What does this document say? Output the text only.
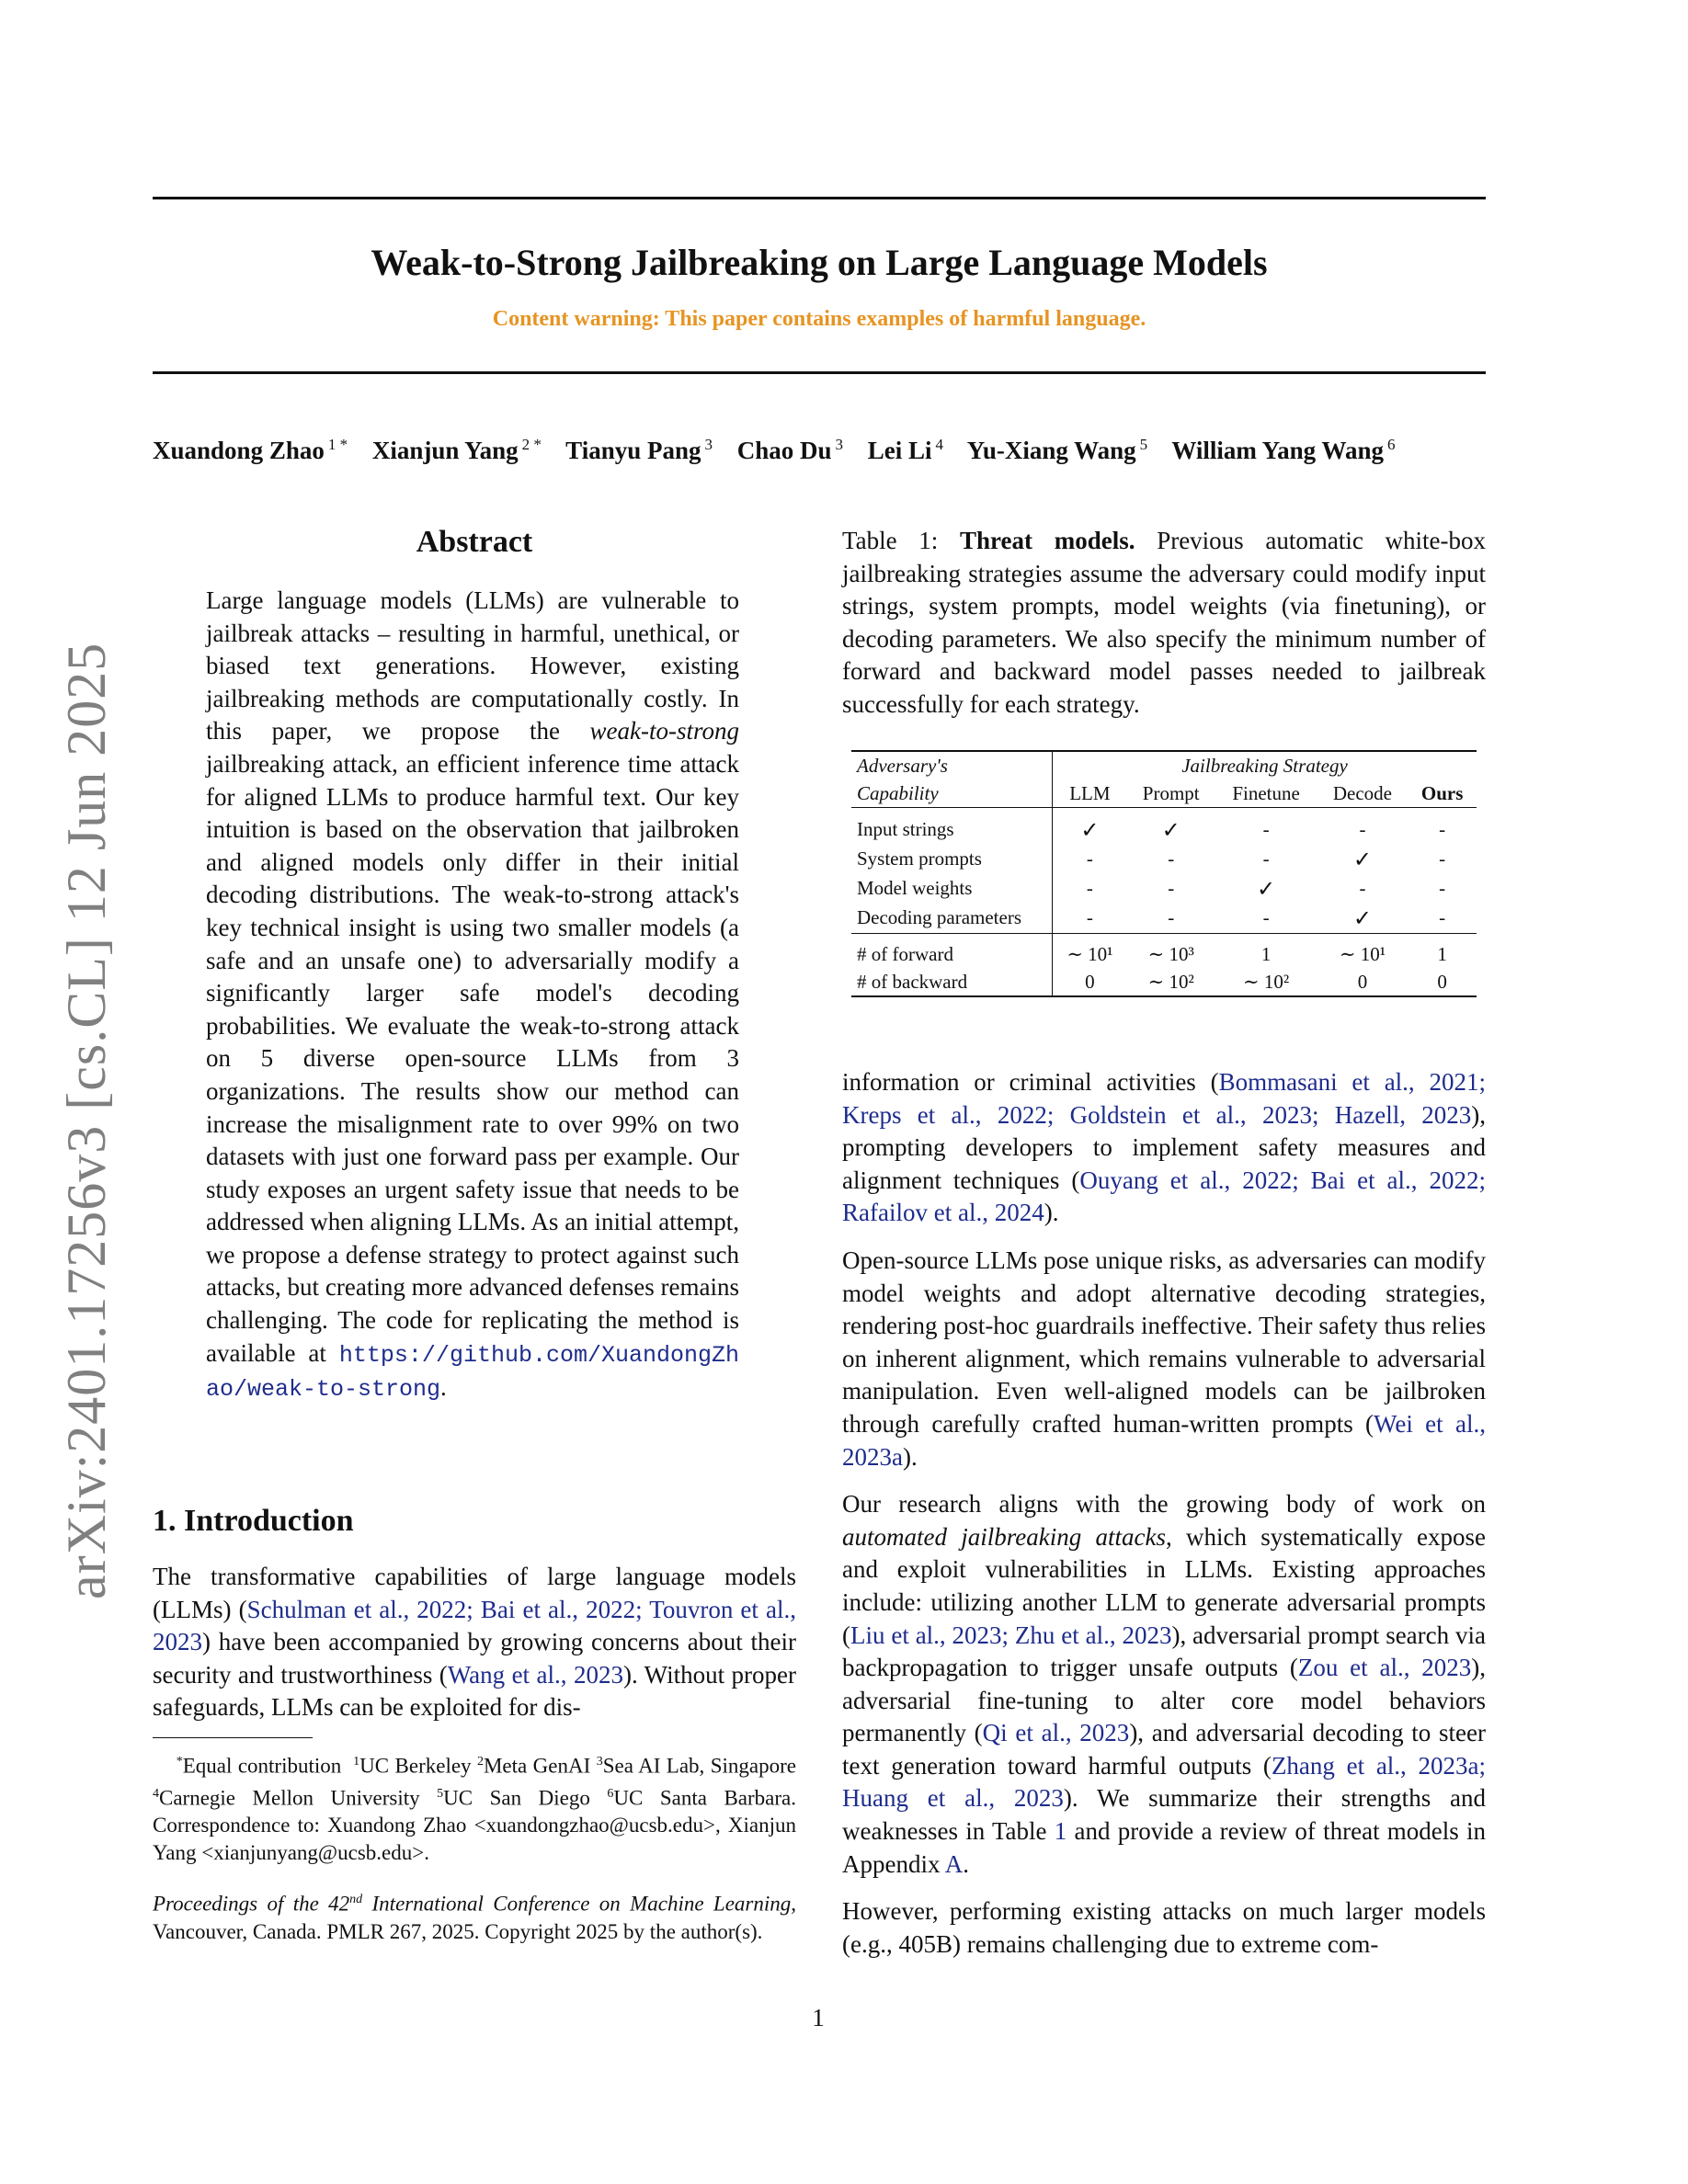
arXiv:2401.17256v3 [cs.CL] 12 Jun 2025
Weak-to-Strong Jailbreaking on Large Language Models
Content warning: This paper contains examples of harmful language.
Xuandong Zhao $^{1 *}$ Xianjun Yang $^{2 *}$ Tianyu Pang $^3$ Chao Du $^3$ Lei Li $^4$ Yu-Xiang Wang $^5$ William Yang Wang $^6$
Abstract
Large language models (LLMs) are vulnerable to jailbreak attacks – resulting in harmful, unethical, or biased text generations. However, existing jailbreaking methods are computationally costly. In this paper, we propose the weak-to-strong jailbreaking attack, an efficient inference time attack for aligned LLMs to produce harmful text. Our key intuition is based on the observation that jailbroken and aligned models only differ in their initial decoding distributions. The weak-to-strong attack's key technical insight is using two smaller models (a safe and an unsafe one) to adversarially modify a significantly larger safe model's decoding probabilities. We evaluate the weak-to-strong attack on 5 diverse open-source LLMs from 3 organizations. The results show our method can increase the misalignment rate to over 99% on two datasets with just one forward pass per example. Our study exposes an urgent safety issue that needs to be addressed when aligning LLMs. As an initial attempt, we propose a defense strategy to protect against such attacks, but creating more advanced defenses remains challenging. The code for replicating the method is available at https://github.com/XuandongZhao/weak-to-strong.
1. Introduction
The transformative capabilities of large language models (LLMs) (Schulman et al., 2022; Bai et al., 2022; Touvron et al., 2023) have been accompanied by growing concerns about their security and trustworthiness (Wang et al., 2023). Without proper safeguards, LLMs can be exploited for dis-
*Equal contribution $^1$UC Berkeley $^2$Meta GenAI $^3$Sea AI Lab, Singapore $^4$Carnegie Mellon University $^5$UC San Diego $^6$UC Santa Barbara. Correspondence to: Xuandong Zhao <xuandongzhao@ucsb.edu>, Xianjun Yang <xianjunyang@ucsb.edu>.
Proceedings of the 42nd International Conference on Machine Learning, Vancouver, Canada. PMLR 267, 2025. Copyright 2025 by the author(s).
Table 1: Threat models. Previous automatic white-box jailbreaking strategies assume the adversary could modify input strings, system prompts, model weights (via finetuning), or decoding parameters. We also specify the minimum number of forward and backward model passes needed to jailbreak successfully for each strategy.
Adversary's	Jailbreaking Strategy				
Capability	LLM	Prompt	Finetune	Decode	Ours

Input strings	✓	✓	-	-	-
System prompts	-	-	-	✓	-
Model weights	-	-	✓	-	-
Decoding parameters	-	-	-	✓	-

# of forward	∼ 10¹	∼ 10³	1	∼ 10¹	1
# of backward	0	∼ 10²	∼ 10²	0	0
information or criminal activities (Bommasani et al., 2021; Kreps et al., 2022; Goldstein et al., 2023; Hazell, 2023), prompting developers to implement safety measures and alignment techniques (Ouyang et al., 2022; Bai et al., 2022; Rafailov et al., 2024).
Open-source LLMs pose unique risks, as adversaries can modify model weights and adopt alternative decoding strategies, rendering post-hoc guardrails ineffective. Their safety thus relies on inherent alignment, which remains vulnerable to adversarial manipulation. Even well-aligned models can be jailbroken through carefully crafted human-written prompts (Wei et al., 2023a).
Our research aligns with the growing body of work on automated jailbreaking attacks, which systematically expose and exploit vulnerabilities in LLMs. Existing approaches include: utilizing another LLM to generate adversarial prompts (Liu et al., 2023; Zhu et al., 2023), adversarial prompt search via backpropagation to trigger unsafe outputs (Zou et al., 2023), adversarial fine-tuning to alter core model behaviors permanently (Qi et al., 2023), and adversarial decoding to steer text generation toward harmful outputs (Zhang et al., 2023a; Huang et al., 2023). We summarize their strengths and weaknesses in Table 1 and provide a review of threat models in Appendix A.
However, performing existing attacks on much larger models (e.g., 405B) remains challenging due to extreme com-
1
